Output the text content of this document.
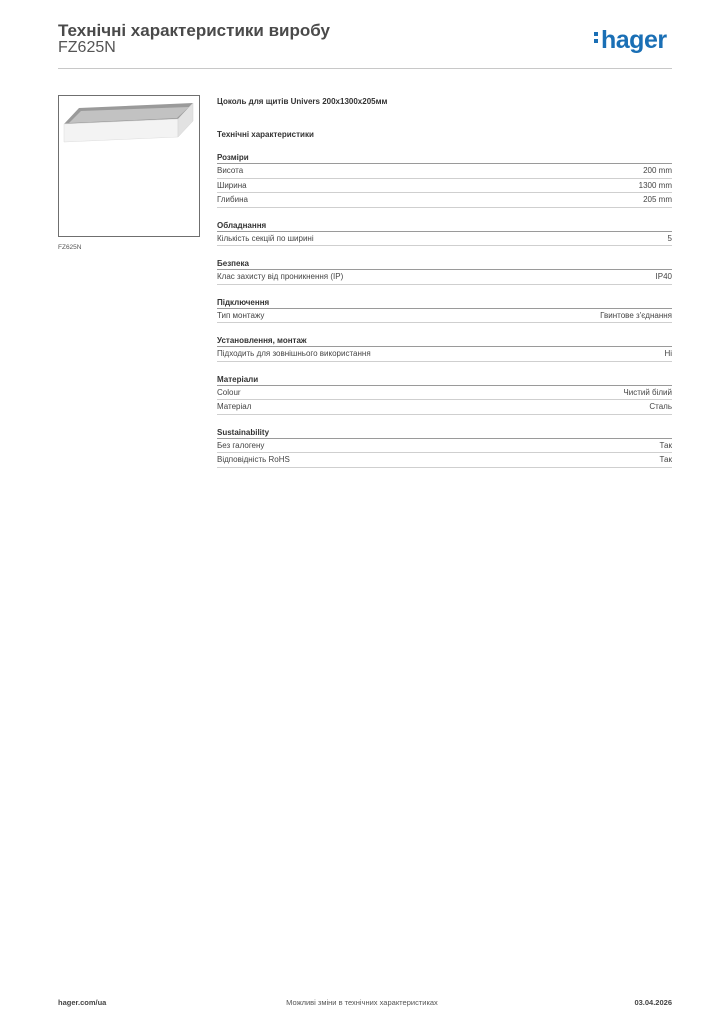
Технічні характеристики виробу
FZ625N	hager
FZ625N
Цоколь для щитів Univers 200x1300x205мм
Технічні характеристики
Розміри
Висота	200 mm
Ширина	1300 mm
Глибина	205 mm
Обладнання
Кількість секцій по ширині	5
Безпека
Клас захисту від проникнення (IP)	IP40
Підключення
Тип монтажу	Гвинтове з'єднання
Установлення, монтаж
Підходить для зовнішнього використання	Ні
Матеріали
Colour	Чистий білий
Матеріал	Сталь
Sustainability
Без галогену	Так
Відповідність RoHS	Так
hager.com/ua	Можливі зміни в технічних характеристиках	03.04.2026
